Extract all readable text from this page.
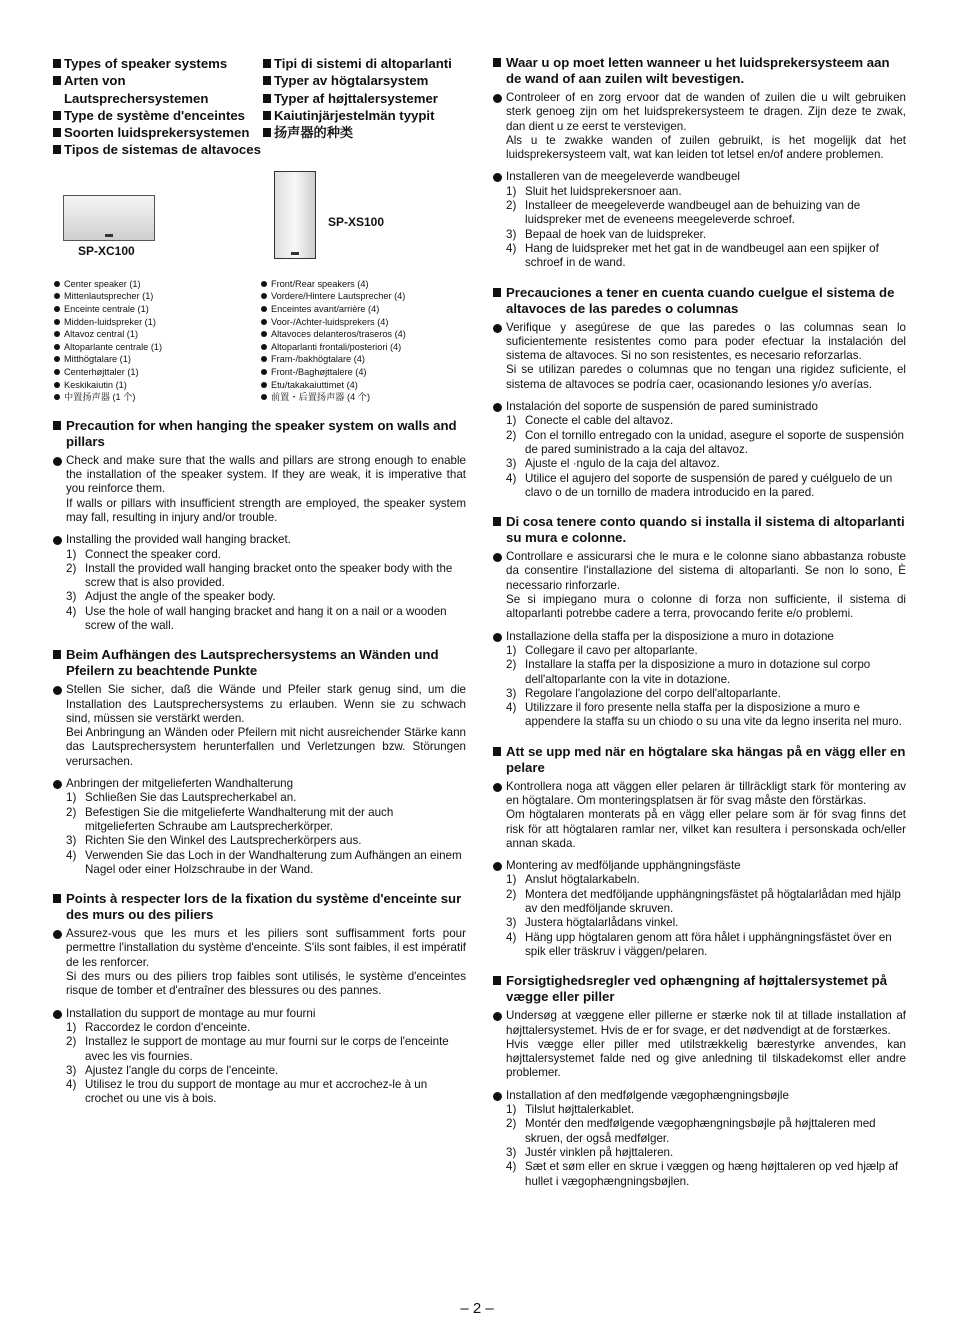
Types of speaker systems
Arten von Lautsprechersystemen
Type de système d'enceintes
Soorten luidsprekersystemen
Tipos de sistemas de altavoces
Tipi di sistemi di altoparlanti
Typer av högtalarsystem
Typer af højttalersystemer
Kaiutinjärjestelmän tyypit
扬声器的种类
SP-XC100
SP-XS100
Center speaker (1)
Mittenlautsprecher (1)
Enceinte centrale (1)
Midden-luidspreker (1)
Altavoz central (1)
Altoparlante centrale (1)
Mitthögtalare (1)
Centerhøjttaler (1)
Keskikaiutin (1)
中置扬声器 (1 个)
Front/Rear speakers (4)
Vordere/Hintere Lautsprecher (4)
Enceintes avant/arrière (4)
Voor-/Achter-luidsprekers (4)
Altavoces delanteros/traseros (4)
Altoparlanti frontali/posteriori (4)
Fram-/bakhögtalare (4)
Front-/Baghøjttalere (4)
Etu/takakaiuttimet (4)
前置・后置扬声器 (4 个)
Precaution for when hanging the speaker system on walls and pillars
Check and make sure that the walls and pillars are strong enough to enable the installation of the speaker system. If they are weak, it is imperative that you reinforce them.
If walls or pillars with insufficient strength are employed, the speaker system may fall, resulting in injury and/or trouble.
Installing the provided wall hanging bracket.
1) Connect the speaker cord.
2) Install the provided wall hanging bracket onto the speaker body with the screw that is also provided.
3) Adjust the angle of the speaker body.
4) Use the hole of wall hanging bracket and hang it on a nail or a wooden screw of the wall.
Beim Aufhängen des Lautsprechersystems an Wänden und Pfeilern zu beachtende Punkte
Stellen Sie sicher, daß die Wände und Pfeiler stark genug sind, um die Installation des Lautsprechersystems zu erlauben. Wenn sie zu schwach sind, müssen sie verstärkt werden.
Bei Anbringung an Wänden oder Pfeilern mit nicht ausreichender Stärke kann das Lautsprechersystem herunterfallen und Verletzungen bzw. Störungen verursachen.
Anbringen der mitgelieferten Wandhalterung
1) Schließen Sie das Lautsprecherkabel an.
2) Befestigen Sie die mitgelieferte Wandhalterung mit der auch mitgelieferten Schraube am Lautsprecherkörper.
3) Richten Sie den Winkel des Lautsprecherkörpers aus.
4) Verwenden Sie das Loch in der Wandhalterung zum Aufhängen an einem Nagel oder einer Holzschraube in der Wand.
Points à respecter lors de la fixation du système d'enceinte sur des murs ou des piliers
Assurez-vous que les murs et les piliers sont suffisamment forts pour permettre l'installation du système d'enceinte. S'ils sont faibles, il est impératif de les renforcer.
Si des murs ou des piliers trop faibles sont utilisés, le système d'enceintes risque de tomber et d'entraîner des blessures ou des pannes.
Installation du support de montage au mur fourni
1) Raccordez le cordon d'enceinte.
2) Installez le support de montage au mur fourni sur le corps de l'enceinte avec les vis fournies.
3) Ajustez l'angle du corps de l'enceinte.
4) Utilisez le trou du support de montage au mur et accrochez-le à un crochet ou une vis à bois.
Waar u op moet letten wanneer u het luidsprekersysteem aan de wand of aan zuilen wilt bevestigen.
Controleer of en zorg ervoor dat de wanden of zuilen die u wilt gebruiken sterk genoeg zijn om het luidsprekersysteem te dragen. Zijn deze te zwak, dan dient u ze eerst te verstevigen.
Als u te zwakke wanden of zuilen gebruikt, is het mogelijk dat het luidsprekersysteem valt, wat kan leiden tot letsel en/of andere problemen.
Installeren van de meegeleverde wandbeugel
1) Sluit het luidsprekersnoer aan.
2) Installeer de meegeleverde wandbeugel aan de behuizing van de luidspreker met de eveneens meegeleverde schroef.
3) Bepaal de hoek van de luidspreker.
4) Hang de luidspreker met het gat in de wandbeugel aan een spijker of schroef in de wand.
Precauciones a tener en cuenta cuando cuelgue el sistema de altavoces de las paredes o columnas
Verifique y asegúrese de que las paredes o las columnas sean lo suficientemente resistentes como para poder efectuar la instalación del sistema de altavoces. Si no son resistentes, es necesario reforzarlas.
Si se utilizan paredes o columnas que no tengan una rigidez suficiente, el sistema de altavoces se podría caer, ocasionando lesiones y/o averías.
Instalación del soporte de suspensión de pared suministrado
1) Conecte el cable del altavoz.
2) Con el tornillo entregado con la unidad, asegure el soporte de suspensión de pared suministrado a la caja del altavoz.
3) Ajuste el ·ngulo de la caja del altavoz.
4) Utilice el agujero del soporte de suspensión de pared y cuélguelo de un clavo o de un tornillo de madera introducido en la pared.
Di cosa tenere conto quando si installa il sistema di altoparlanti su mura e colonne.
Controllare e assicurarsi che le mura e le colonne siano abbastanza robuste da consentire l'installazione del sistema di altoparlanti. Se non lo sono, È necessario rinforzarle.
Se si impiegano mura o colonne di forza non sufficiente, il sistema di altoparlanti potrebbe cadere a terra, provocando ferite e/o problemi.
Installazione della staffa per la disposizione a muro in dotazione
1) Collegare il cavo per altoparlante.
2) Installare la staffa per la disposizione a muro in dotazione sul corpo dell'altoparlante con la vite in dotazione.
3) Regolare l'angolazione del corpo dell'altoparlante.
4) Utilizzare il foro presente nella staffa per la disposizione a muro e appendere la staffa su un chiodo o su una vite da legno inserita nel muro.
Att se upp med när en högtalare ska hängas på en vägg eller en pelare
Kontrollera noga att väggen eller pelaren är tillräckligt stark för montering av en högtalare. Om monteringsplatsen är för svag måste den förstärkas.
Om högtalaren monterats på en vägg eller pelare som är för svag finns det risk för att högtalaren ramlar ner, vilket kan resultera i personskada och/eller annan skada.
Montering av medföljande upphängningsfäste
1) Anslut högtalarkabeln.
2) Montera det medföljande upphängningsfästet på högtalarlådan med hjälp av den medföljande skruven.
3) Justera högtalarlådans vinkel.
4) Häng upp högtalaren genom att föra hålet i upphängningsfästet över en spik eller träskruv i väggen/pelaren.
Forsigtighedsregler ved ophængning af højttalersystemet på vægge eller piller
Undersøg at væggene eller pillerne er stærke nok til at tillade installation af højttalersystemet. Hvis de er for svage, er det nødvendigt at de forstærkes.
Hvis vægge eller piller med utilstrækkelig bærestyrke anvendes, kan højttalersystemet falde ned og give anledning til tilskadekomst eller andre problemer.
Installation af den medfølgende vægophængningsbøjle
1) Tilslut højttalerkablet.
2) Montér den medfølgende vægophængningsbøjle på højttaleren med skruen, der også medfølger.
3) Justér vinklen på højttaleren.
4) Sæt et søm eller en skrue i væggen og hæng højttaleren op ved hjælp af hullet i vægophængningsbøjlen.
– 2 –
